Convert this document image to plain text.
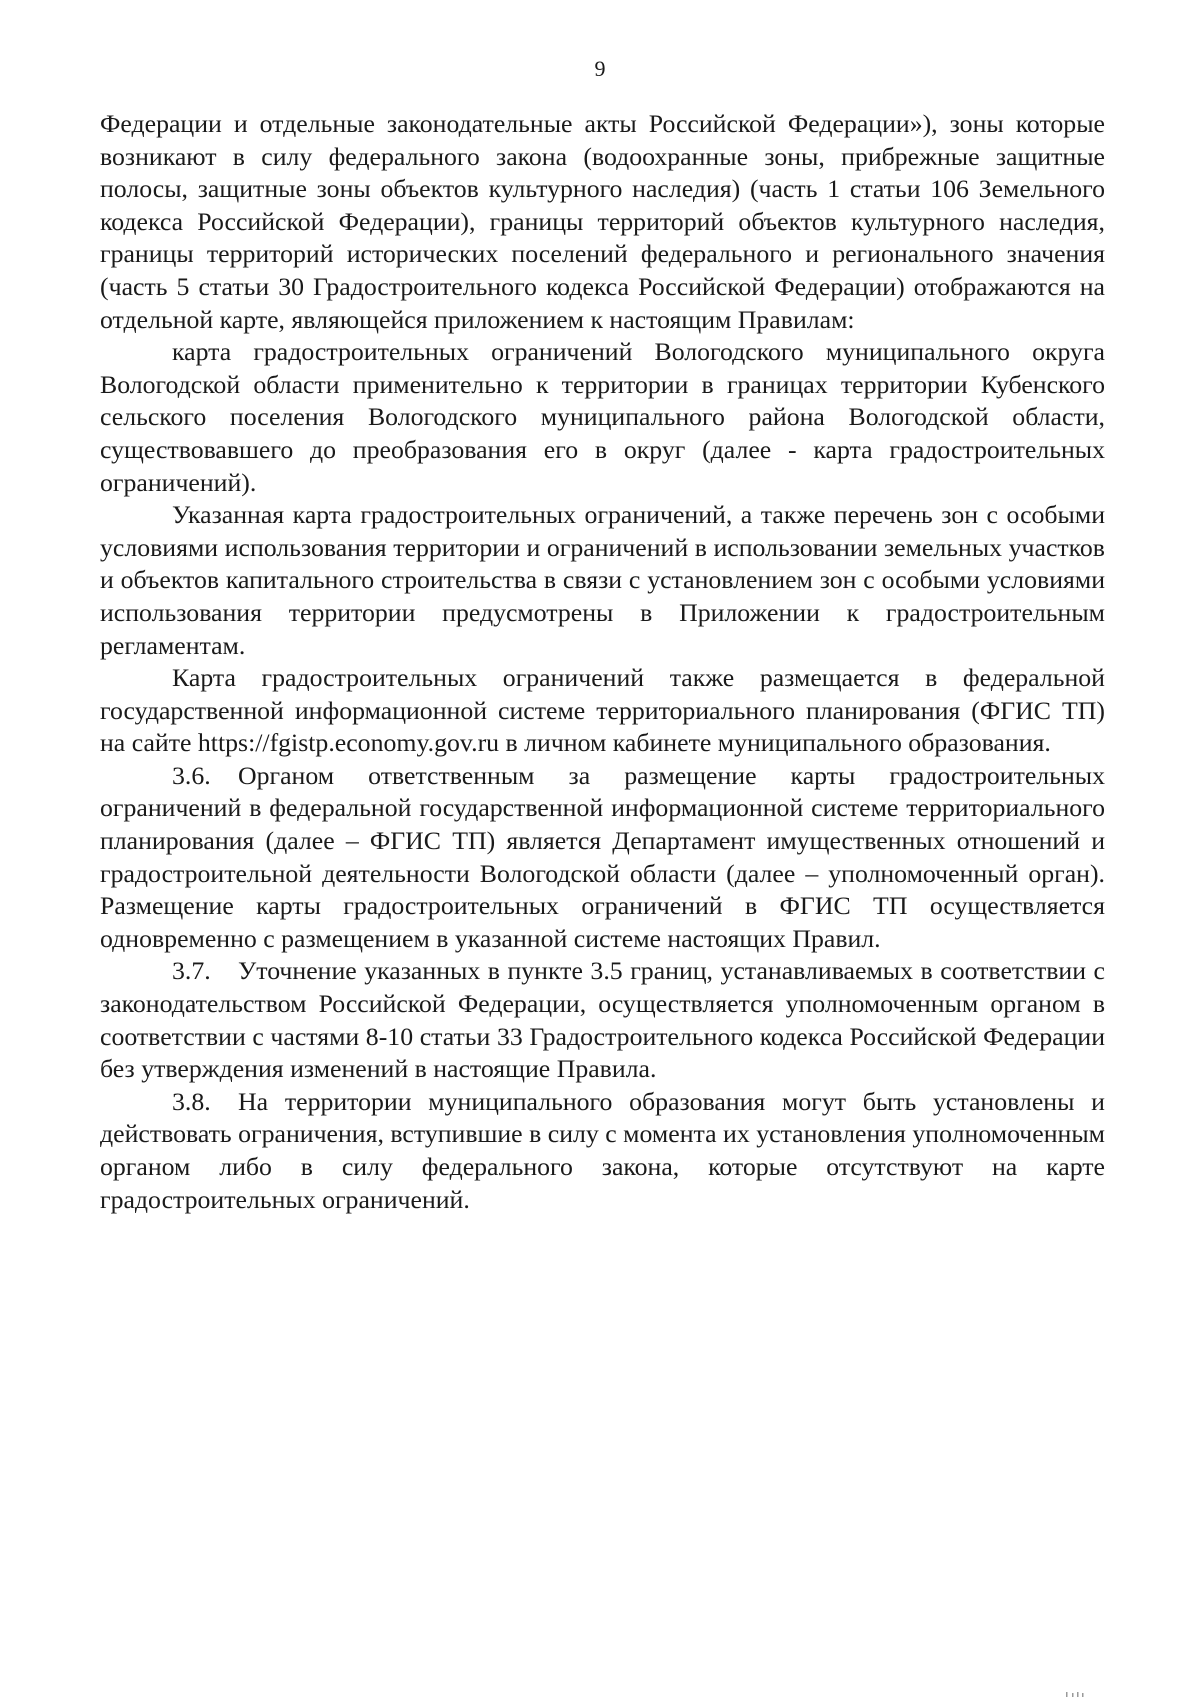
9

Федерации и отдельные законодательные акты Российской Федерации»), зоны которые возникают в силу федерального закона (водоохранные зоны, прибрежные защитные полосы, защитные зоны объектов культурного наследия) (часть 1 статьи 106 Земельного кодекса Российской Федерации), границы территорий объектов культурного наследия, границы территорий исторических поселений федерального и регионального значения (часть 5 статьи 30 Градостроительного кодекса Российской Федерации) отображаются на отдельной карте, являющейся приложением к настоящим Правилам:

карта градостроительных ограничений Вологодского муниципального округа Вологодской области применительно к территории в границах территории Кубенского сельского поселения Вологодского муниципального района Вологодской области, существовавшего до преобразования его в округ (далее - карта градостроительных ограничений).

Указанная карта градостроительных ограничений, а также перечень зон с особыми условиями использования территории и ограничений в использовании земельных участков и объектов капитального строительства в связи с установлением зон с особыми условиями использования территории предусмотрены в Приложении к градостроительным регламентам.

Карта градостроительных ограничений также размещается в федеральной государственной информационной системе территориального планирования (ФГИС ТП) на сайте https://fgistp.economy.gov.ru в личном кабинете муниципального образования.

3.6. Органом ответственным за размещение карты градостроительных ограничений в федеральной государственной информационной системе территориального планирования (далее – ФГИС ТП) является Департамент имущественных отношений и градостроительной деятельности Вологодской области (далее – уполномоченный орган). Размещение карты градостроительных ограничений в ФГИС ТП осуществляется одновременно с размещением в указанной системе настоящих Правил.

3.7. Уточнение указанных в пункте 3.5 границ, устанавливаемых в соответствии с законодательством Российской Федерации, осуществляется уполномоченным органом в соответствии с частями 8-10 статьи 33 Градостроительного кодекса Российской Федерации без утверждения изменений в настоящие Правила.

3.8. На территории муниципального образования могут быть установлены и действовать ограничения, вступившие в силу с момента их установления уполномоченным органом либо в силу федерального закона, которые отсутствуют на карте градостроительных ограничений.
